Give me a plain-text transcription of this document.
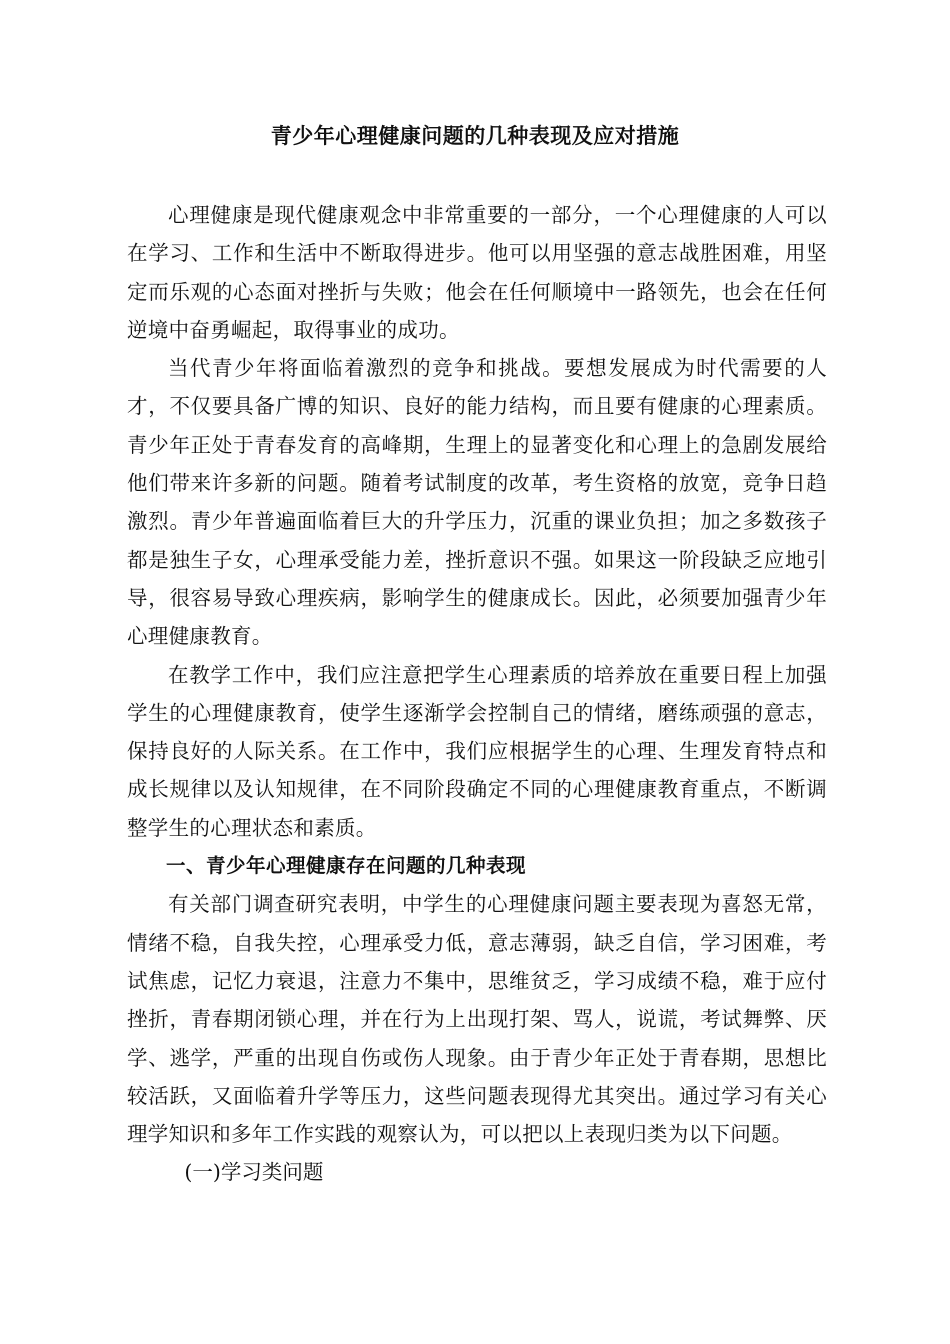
青少年心理健康问题的几种表现及应对措施

心理健康是现代健康观念中非常重要的一部分，一个心理健康的人可以在学习、工作和生活中不断取得进步。他可以用坚强的意志战胜困难，用坚定而乐观的心态面对挫折与失败；他会在任何顺境中一路领先，也会在任何逆境中奋勇崛起，取得事业的成功。

当代青少年将面临着激烈的竞争和挑战。要想发展成为时代需要的人才，不仅要具备广博的知识、良好的能力结构，而且要有健康的心理素质。青少年正处于青春发育的高峰期，生理上的显著变化和心理上的急剧发展给他们带来许多新的问题。随着考试制度的改革，考生资格的放宽，竞争日趋激烈。青少年普遍面临着巨大的升学压力，沉重的课业负担；加之多数孩子都是独生子女，心理承受能力差，挫折意识不强。如果这一阶段缺乏应地引导，很容易导致心理疾病，影响学生的健康成长。因此，必须要加强青少年心理健康教育。

在教学工作中，我们应注意把学生心理素质的培养放在重要日程上加强学生的心理健康教育，使学生逐渐学会控制自己的情绪，磨练顽强的意志，保持良好的人际关系。在工作中，我们应根据学生的心理、生理发育特点和成长规律以及认知规律，在不同阶段确定不同的心理健康教育重点，不断调整学生的心理状态和素质。

一、青少年心理健康存在问题的几种表现

有关部门调查研究表明，中学生的心理健康问题主要表现为喜怒无常，情绪不稳，自我失控，心理承受力低，意志薄弱，缺乏自信，学习困难，考试焦虑，记忆力衰退，注意力不集中，思维贫乏，学习成绩不稳，难于应付挫折，青春期闭锁心理，并在行为上出现打架、骂人，说谎，考试舞弊、厌学、逃学，严重的出现自伤或伤人现象。由于青少年正处于青春期，思想比较活跃，又面临着升学等压力，这些问题表现得尤其突出。通过学习有关心理学知识和多年工作实践的观察认为，可以把以上表现归类为以下问题。

(一)学习类问题
